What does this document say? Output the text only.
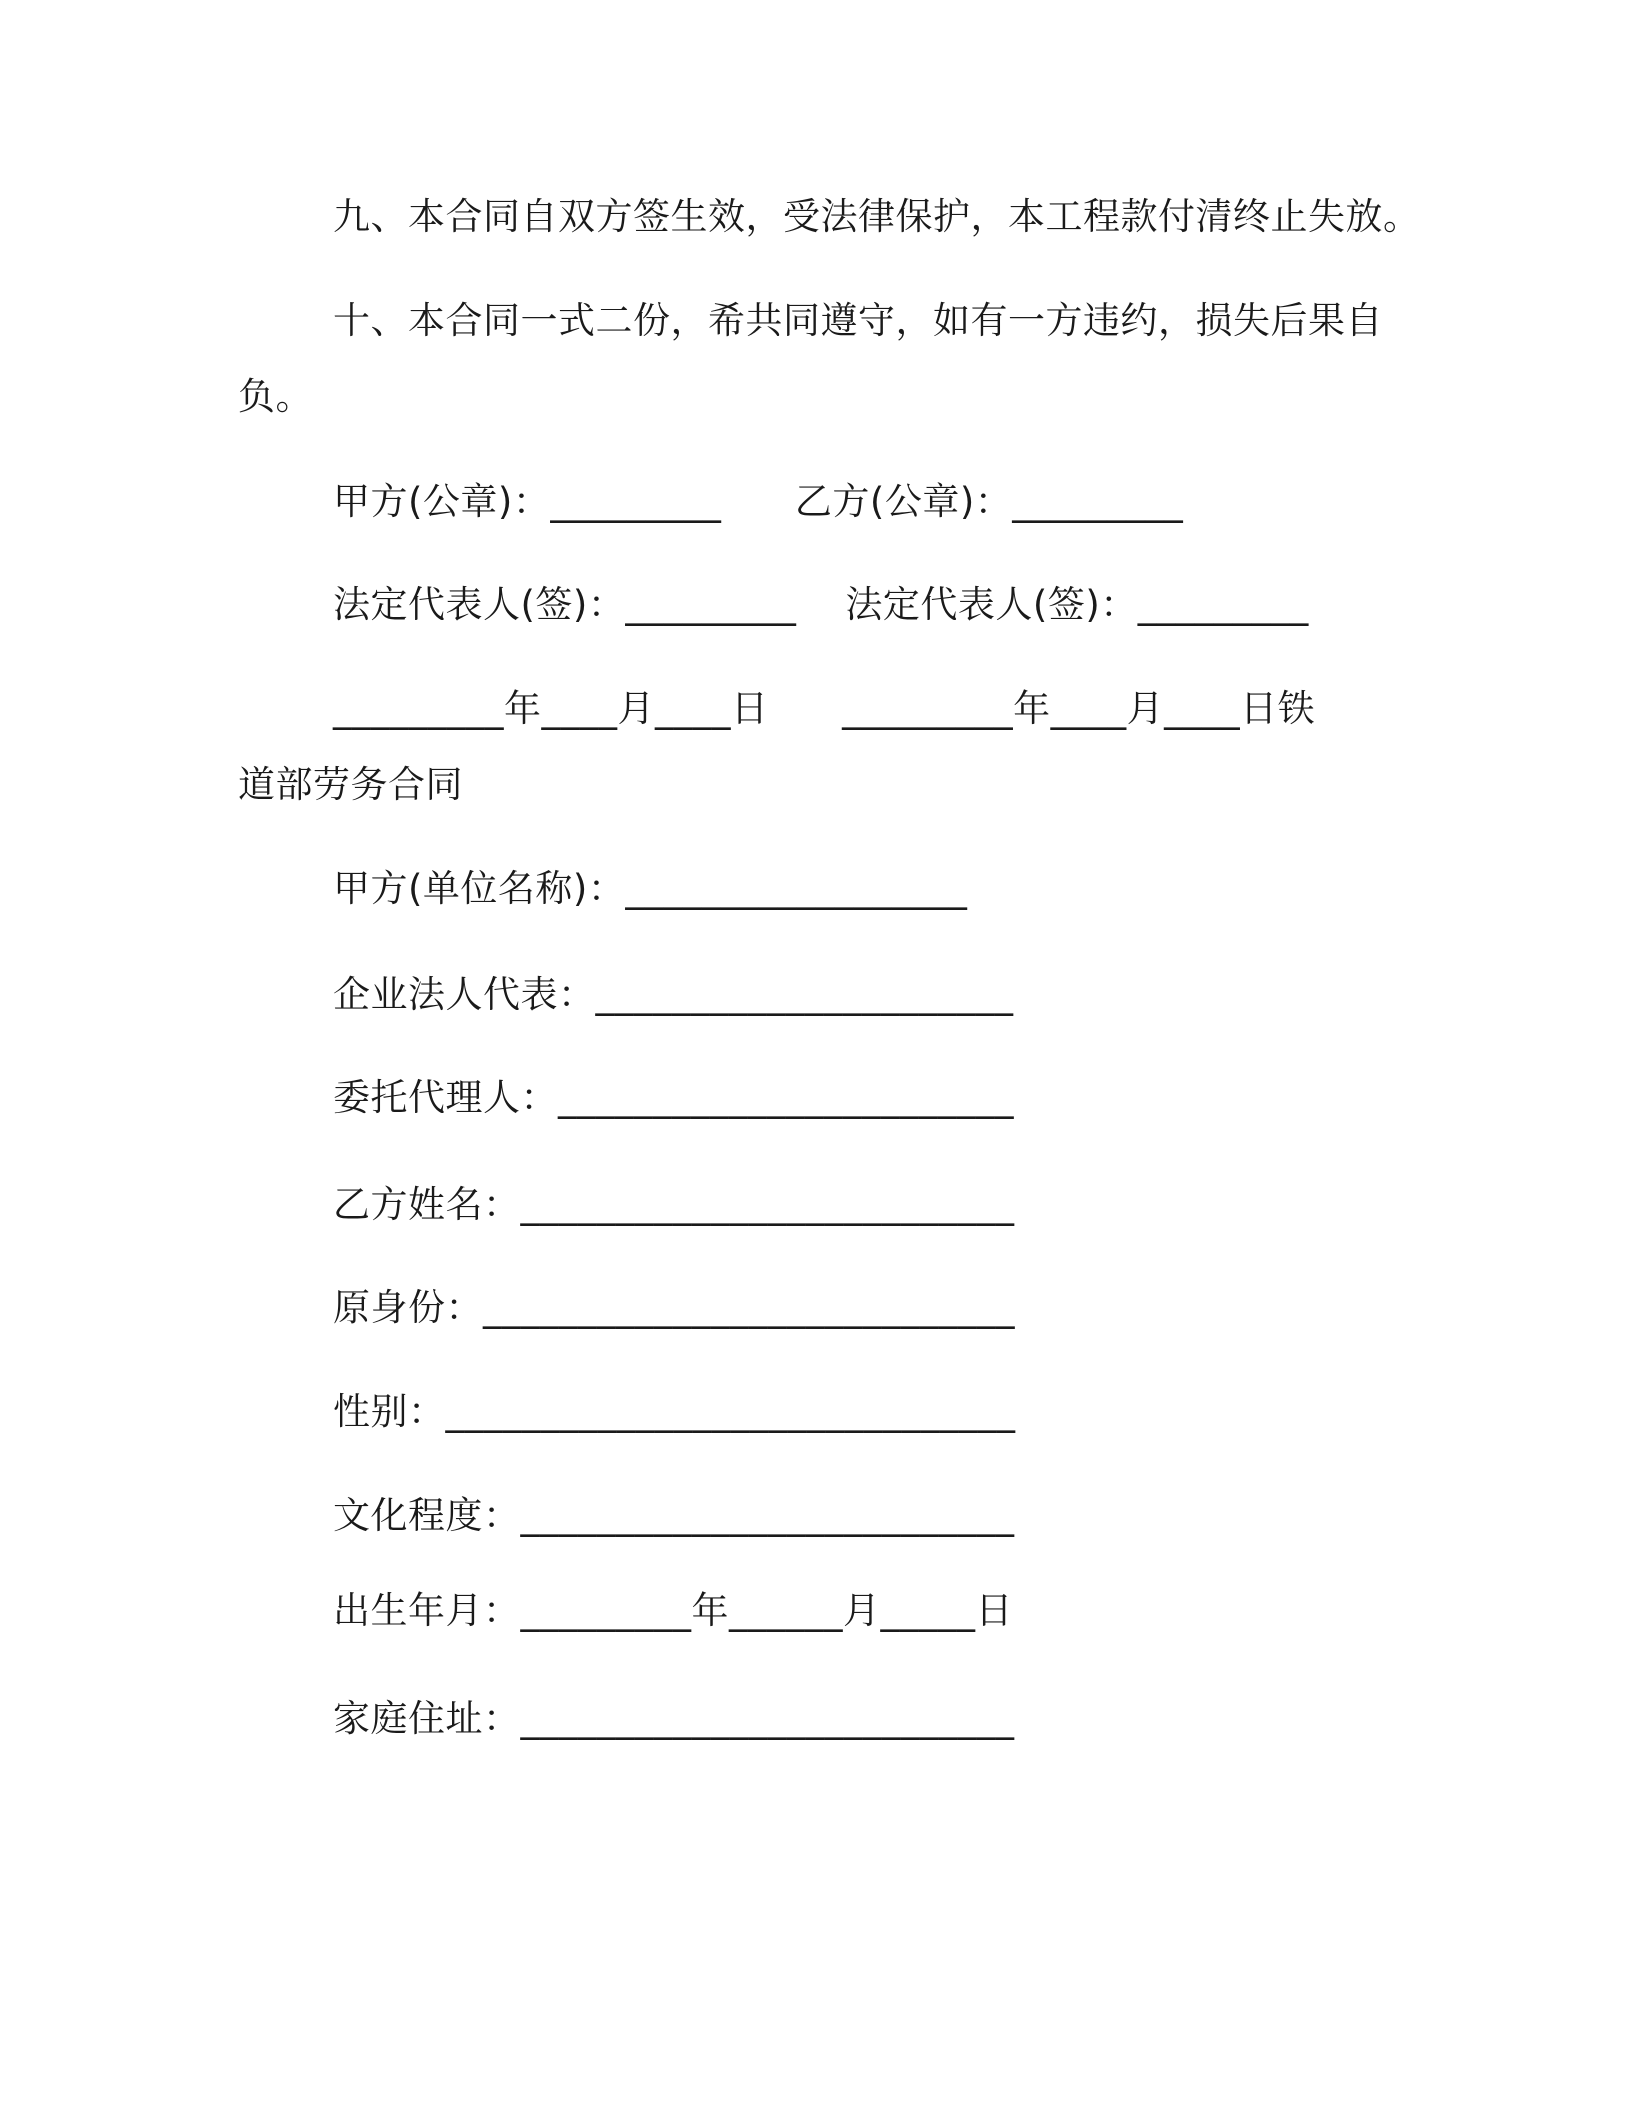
九、本合同自双方签生效，受法律保护，本工程款付清终止失放。
十、本合同一式二份，希共同遵守，如有一方违约，损失后果自
负。
甲方(公章)：_________      乙方(公章)：_________
法定代表人(签)：_________    法定代表人(签)：_________
_________年____月____日      _________年____月____日铁
道部劳务合同
甲方(单位名称)：__________________
企业法人代表：______________________
委托代理人：________________________
乙方姓名：__________________________
原身份：____________________________
性别：______________________________
文化程度：__________________________
出生年月：_________年______月_____日
家庭住址：__________________________
